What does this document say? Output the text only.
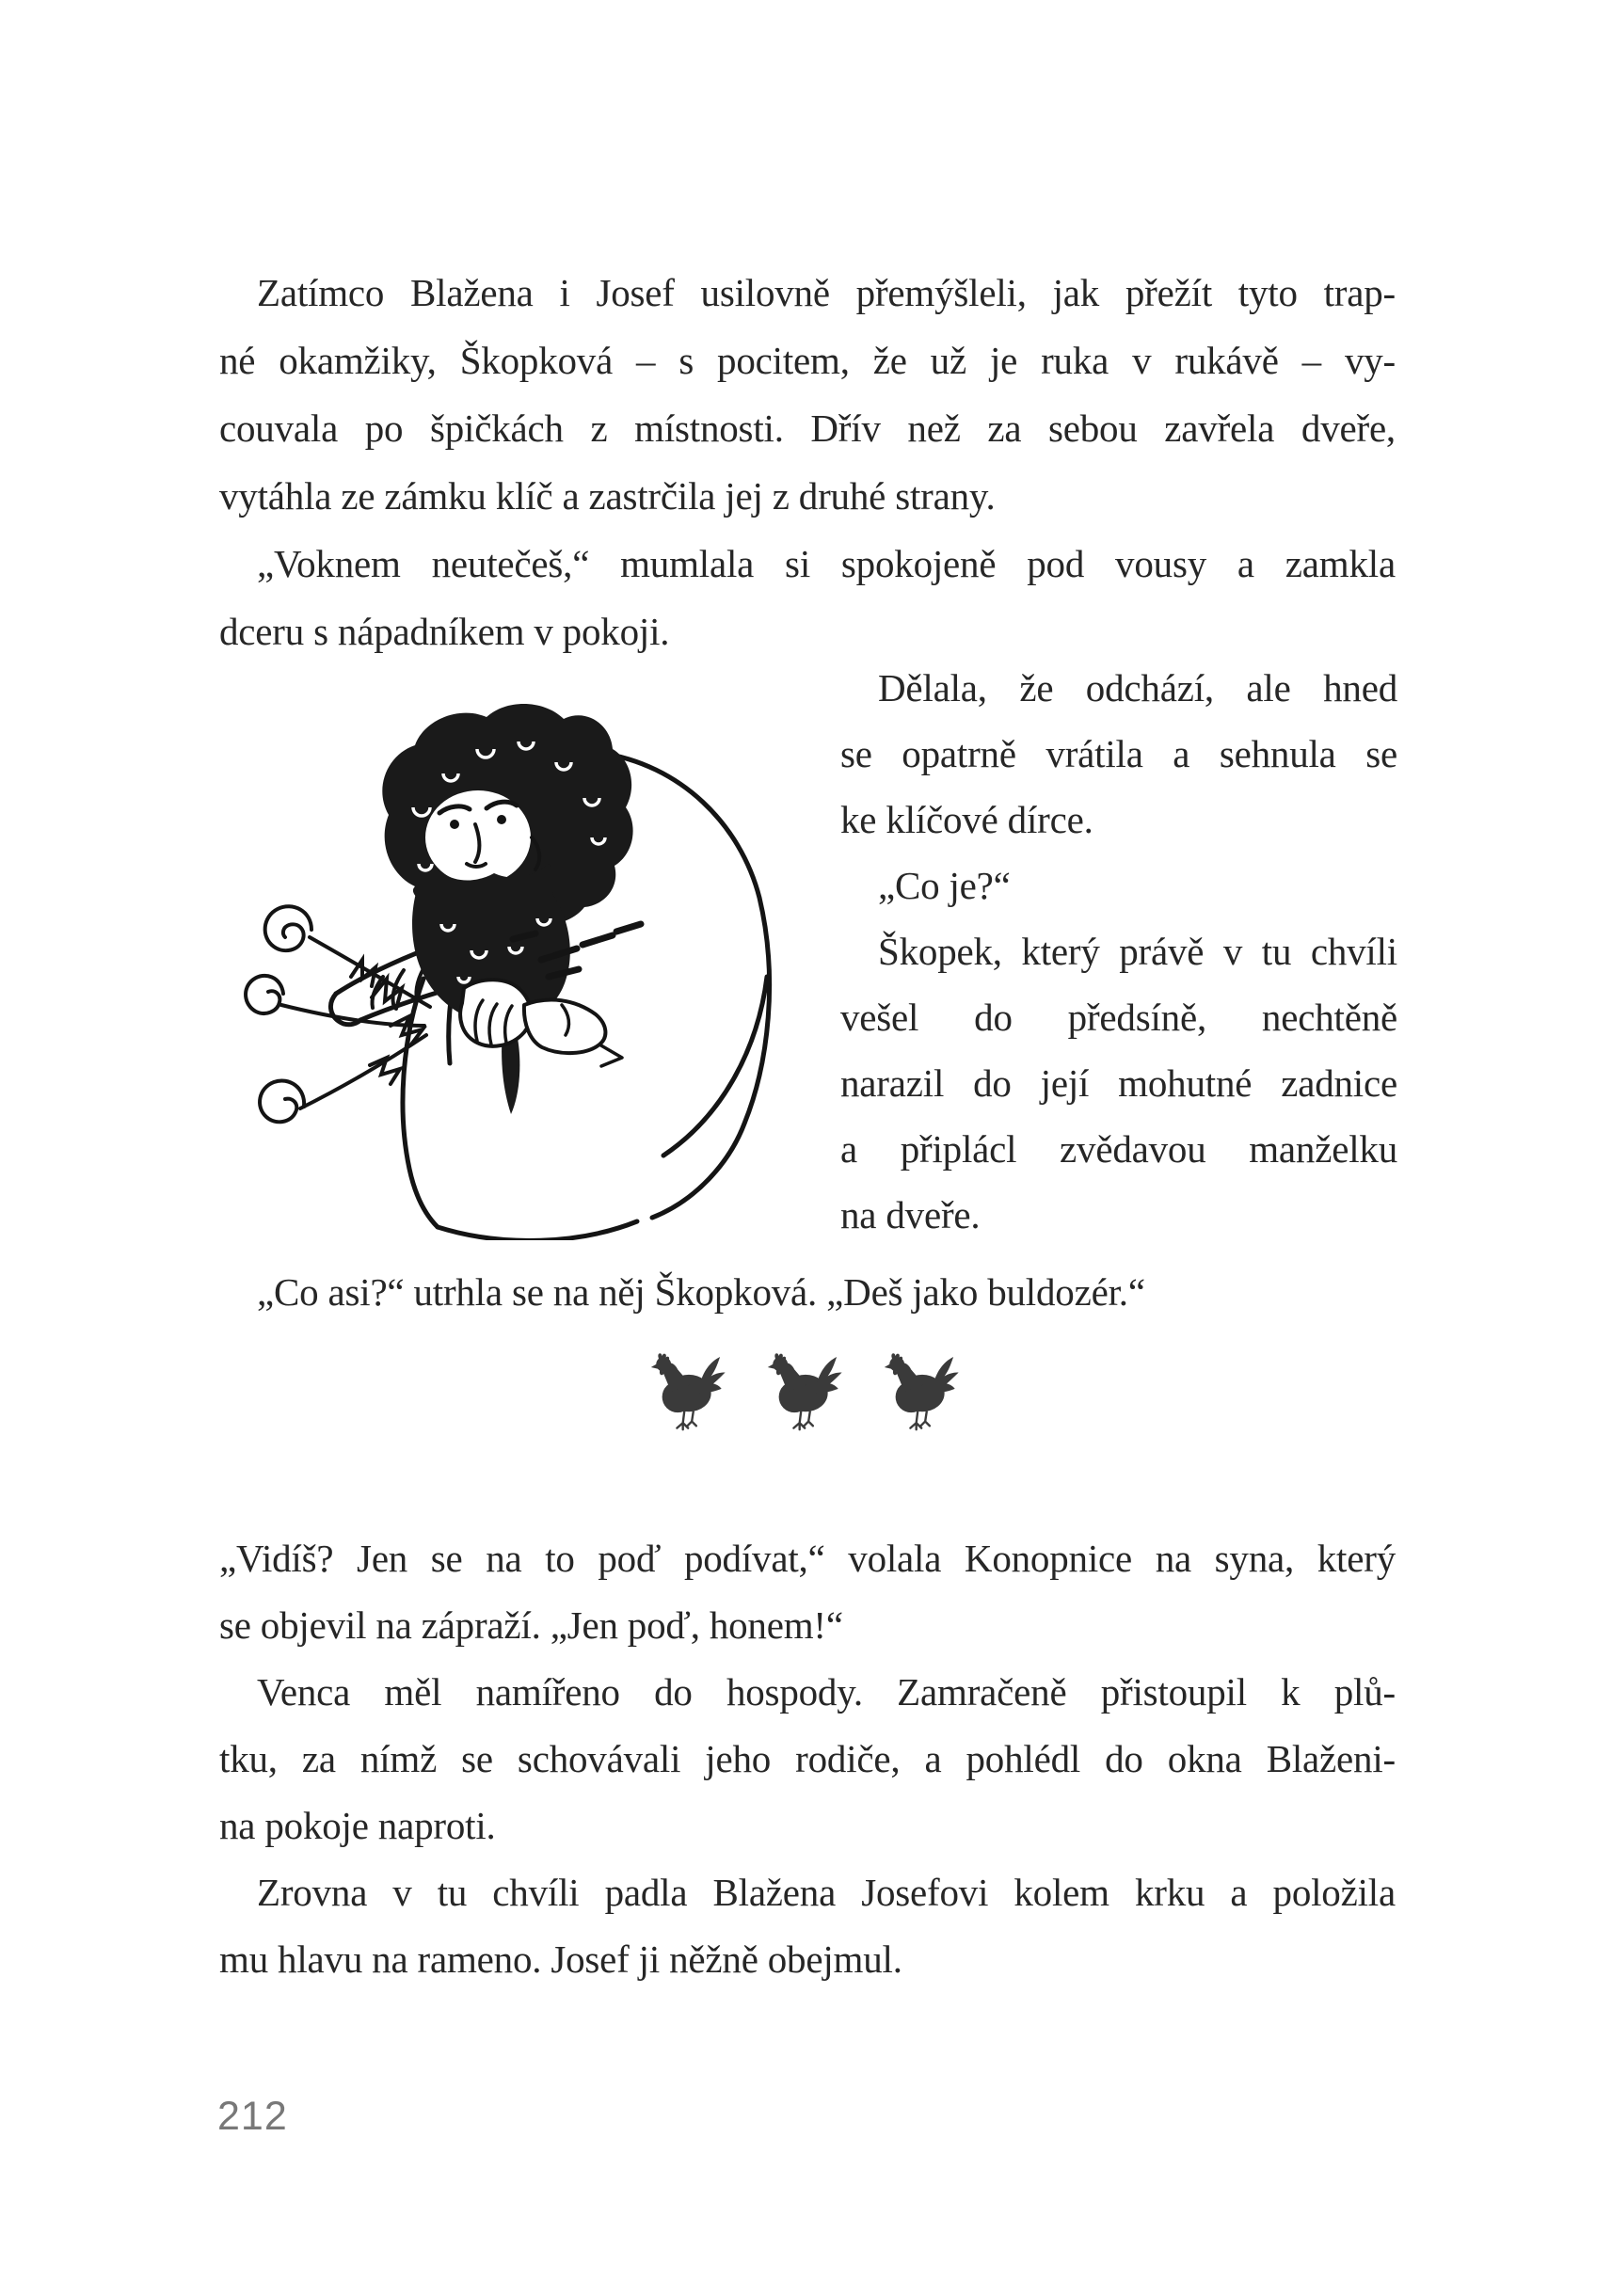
Zatímco Blažena i Josef usilovně přemýšleli, jak přežít tyto trap-
né okamžiky, Škopková – s pocitem, že už je ruka v rukávě – vy-
couvala po špičkách z místnosti. Dřív než za sebou zavřela dveře,
vytáhla ze zámku klíč a zastrčila jej z druhé strany.
„Voknem neutečeš,“ mumlala si spokojeně pod vousy a zamkla
dceru s nápadníkem v pokoji.
Dělala, že odchází, ale hned
se opatrně vrátila a sehnula se
ke klíčové dírce.
„Co je?“
Škopek, který právě v tu chvíli
vešel do předsíně, nechtěně
narazil do její mohutné zadnice
a připlácl zvědavou manželku
na dveře.
„Co asi?“ utrhla se na něj Škopková. „Deš jako buldozér.“
„Vidíš? Jen se na to poď podívat,“ volala Konopnice na syna, který
se objevil na zápraží. „Jen poď, honem!“
Venca měl namířeno do hospody. Zamračeně přistoupil k plů-
tku, za nímž se schovávali jeho rodiče, a pohlédl do okna Blaženi-
na pokoje naproti.
Zrovna v tu chvíli padla Blažena Josefovi kolem krku a položila
mu hlavu na rameno. Josef ji něžně obejmul.
212
